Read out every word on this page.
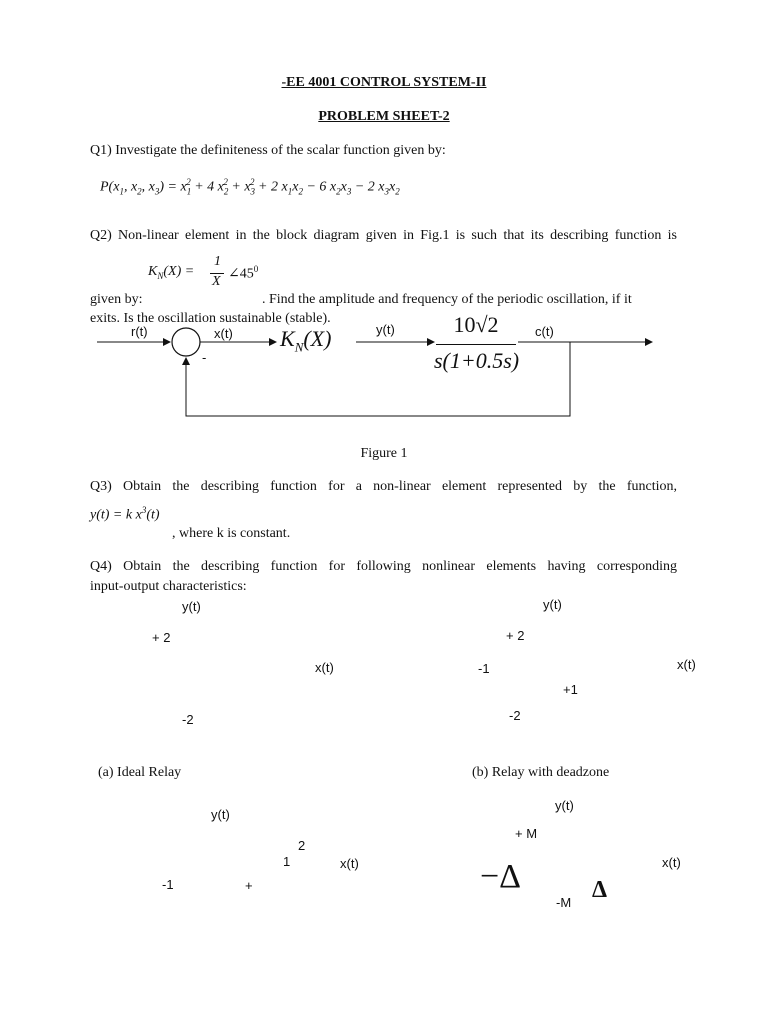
-EE 4001 CONTROL SYSTEM-II
PROBLEM SHEET-2
Q1) Investigate the definiteness of the scalar function given by:
$P(x_1$, $x_2$, $x_3) = x_1^2 + 4$ $x_2^2 + x_3^2 + 2$ $x_1x_2 - 6$ $x_2x_3 - 2$ $x_3x_2$
Q2) Non-linear element in the block diagram given in Fig.1 is such that its describing function is
$K_N(X)$ =
1
X $\angle 45^0$
given by:	. Find the amplitude and frequency of the periodic oscillation, if it
exits. Is the oscillation sustainable (stable).
r(t)	x(t)
-
$K_N(X)$	y(t)	10√2
s(1+0.5s)
c(t)
Figure 1
Q3) Obtain the describing function for a non-linear element represented by the function,
y(t) = k $x^3(t)$
, where k is constant.
Q4) Obtain the describing function for following nonlinear elements having corresponding
input-output characteristics:
y(t)
+ 2
x(t)
-2
(a) Ideal Relay
y(t)
+ 2
-1	x(t)
+1
-2
(b) Relay with deadzone
y(t)
2
1	x(t)
-1	+
y(t)
+ M
x(t)
−Δ
-M Δ
